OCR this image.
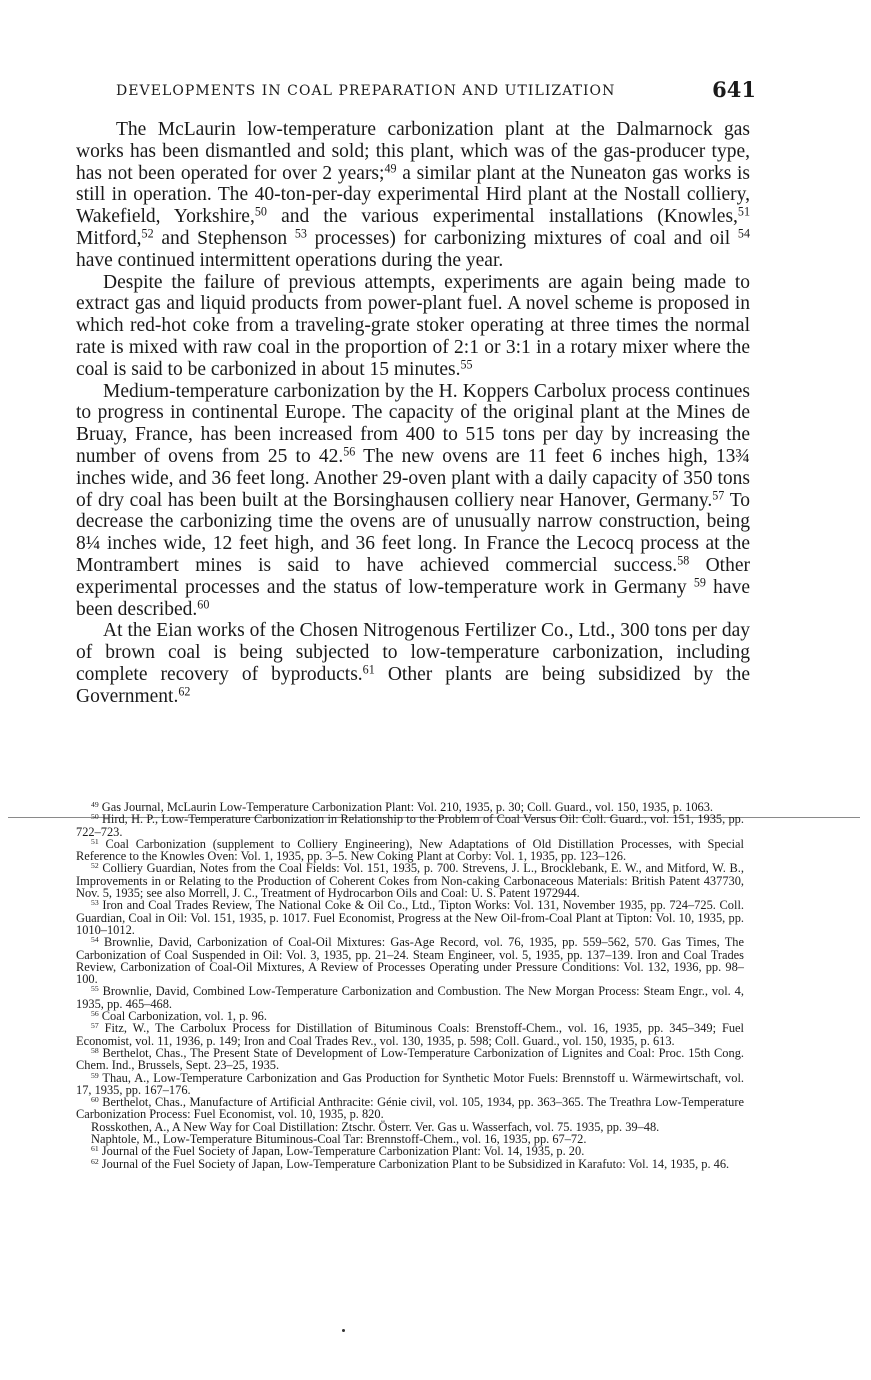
DEVELOPMENTS IN COAL PREPARATION AND UTILIZATION	641

The McLaurin low-temperature carbonization plant at the Dalmarnock gas works has been dismantled and sold; this plant, which was of the gas-producer type, has not been operated for over 2 years;$^{49}$ a similar plant at the Nuneaton gas works is still in operation. The 40-ton-per-day experimental Hird plant at the Nostall colliery, Wakefield, Yorkshire,$^{50}$ and the various experimental installations (Knowles,$^{51}$ Mitford,$^{52}$ and Stephenson $^{53}$ processes) for carbonizing mixtures of coal and oil $^{54}$ have continued intermittent operations during the year.

Despite the failure of previous attempts, experiments are again being made to extract gas and liquid products from power-plant fuel. A novel scheme is proposed in which red-hot coke from a traveling-grate stoker operating at three times the normal rate is mixed with raw coal in the proportion of 2:1 or 3:1 in a rotary mixer where the coal is said to be carbonized in about 15 minutes.$^{55}$

Medium-temperature carbonization by the H. Koppers Carbolux process continues to progress in continental Europe. The capacity of the original plant at the Mines de Bruay, France, has been increased from 400 to 515 tons per day by increasing the number of ovens from 25 to 42.56 The new ovens are 11 feet 6 inches high, 13¾ inches wide, and 36 feet long. Another 29-oven plant with a daily capacity of 350 tons of dry coal has been built at the Borsinghausen colliery near Hanover, Germany.$^{57}$ To decrease the carbonizing time the ovens are of unusually narrow construction, being 8¼ inches wide, 12 feet high, and 36 feet long. In France the Lecocq process at the Montrambert mines is said to have achieved commercial success.$^{58}$ Other experimental processes and the status of low-temperature work in Germany $^{59}$ have been described.$^{60}$

At the Eian works of the Chosen Nitrogenous Fertilizer Co., Ltd., 300 tons per day of brown coal is being subjected to low-temperature carbonization, including complete recovery of byproducts.$^{61}$ Other plants are being subsidized by the Government.$^{62}$

$^{49}$ Gas Journal, McLaurin Low-Temperature Carbonization Plant: Vol. 210, 1935, p. 30; Coll. Guard., vol. 150, 1935, p. 1063.

$^{50}$ Hird, H. P., Low-Temperature Carbonization in Relationship to the Problem of Coal Versus Oil: Coll. Guard., vol. 151, 1935, pp. 722–723.

$^{51}$ Coal Carbonization (supplement to Colliery Engineering), New Adaptations of Old Distillation Processes, with Special Reference to the Knowles Oven: Vol. 1, 1935, pp. 3–5. New Coking Plant at Corby: Vol. 1, 1935, pp. 123–126.

$^{52}$ Colliery Guardian, Notes from the Coal Fields: Vol. 151, 1935, p. 700. Strevens, J. L., Brocklebank, E. W., and Mitford, W. B., Improvements in or Relating to the Production of Coherent Cokes from Non-caking Carbonaceous Materials: British Patent 437730, Nov. 5, 1935; see also Morrell, J. C., Treatment of Hydrocarbon Oils and Coal: U. S. Patent 1972944.

$^{53}$ Iron and Coal Trades Review, The National Coke & Oil Co., Ltd., Tipton Works: Vol. 131, November 1935, pp. 724–725. Coll. Guardian, Coal in Oil: Vol. 151, 1935, p. 1017. Fuel Economist, Progress at the New Oil-from-Coal Plant at Tipton: Vol. 10, 1935, pp. 1010–1012.

$^{54}$ Brownlie, David, Carbonization of Coal-Oil Mixtures: Gas-Age Record, vol. 76, 1935, pp. 559–562, 570. Gas Times, The Carbonization of Coal Suspended in Oil: Vol. 3, 1935, pp. 21–24. Steam Engineer, vol. 5, 1935, pp. 137–139. Iron and Coal Trades Review, Carbonization of Coal-Oil Mixtures, A Review of Processes Operating under Pressure Conditions: Vol. 132, 1936, pp. 98–100.

$^{55}$ Brownlie, David, Combined Low-Temperature Carbonization and Combustion. The New Morgan Process: Steam Engr., vol. 4, 1935, pp. 465–468.

$^{56}$ Coal Carbonization, vol. 1, p. 96.

$^{57}$ Fitz, W., The Carbolux Process for Distillation of Bituminous Coals: Brenstoff-Chem., vol. 16, 1935, pp. 345–349; Fuel Economist, vol. 11, 1936, p. 149; Iron and Coal Trades Rev., vol. 130, 1935, p. 598; Coll. Guard., vol. 150, 1935, p. 613.

$^{58}$ Berthelot, Chas., The Present State of Development of Low-Temperature Carbonization of Lignites and Coal: Proc. 15th Cong. Chem. Ind., Brussels, Sept. 23–25, 1935.

$^{59}$ Thau, A., Low-Temperature Carbonization and Gas Production for Synthetic Motor Fuels: Brennstoff u. Wärmewirtschaft, vol. 17, 1935, pp. 167–176.

$^{60}$ Berthelot, Chas., Manufacture of Artificial Anthracite: Génie civil, vol. 105, 1934, pp. 363–365. The Treathra Low-Temperature Carbonization Process: Fuel Economist, vol. 10, 1935, p. 820.

Rosskothen, A., A New Way for Coal Distillation: Ztschr. Österr. Ver. Gas u. Wasserfach, vol. 75. 1935, pp. 39–48.

Naphtole, M., Low-Temperature Bituminous-Coal Tar: Brennstoff-Chem., vol. 16, 1935, pp. 67–72.

$^{61}$ Journal of the Fuel Society of Japan, Low-Temperature Carbonization Plant: Vol. 14, 1935, p. 20.

$^{62}$ Journal of the Fuel Society of Japan, Low-Temperature Carbonization Plant to be Subsidized in Karafuto: Vol. 14, 1935, p. 46.
